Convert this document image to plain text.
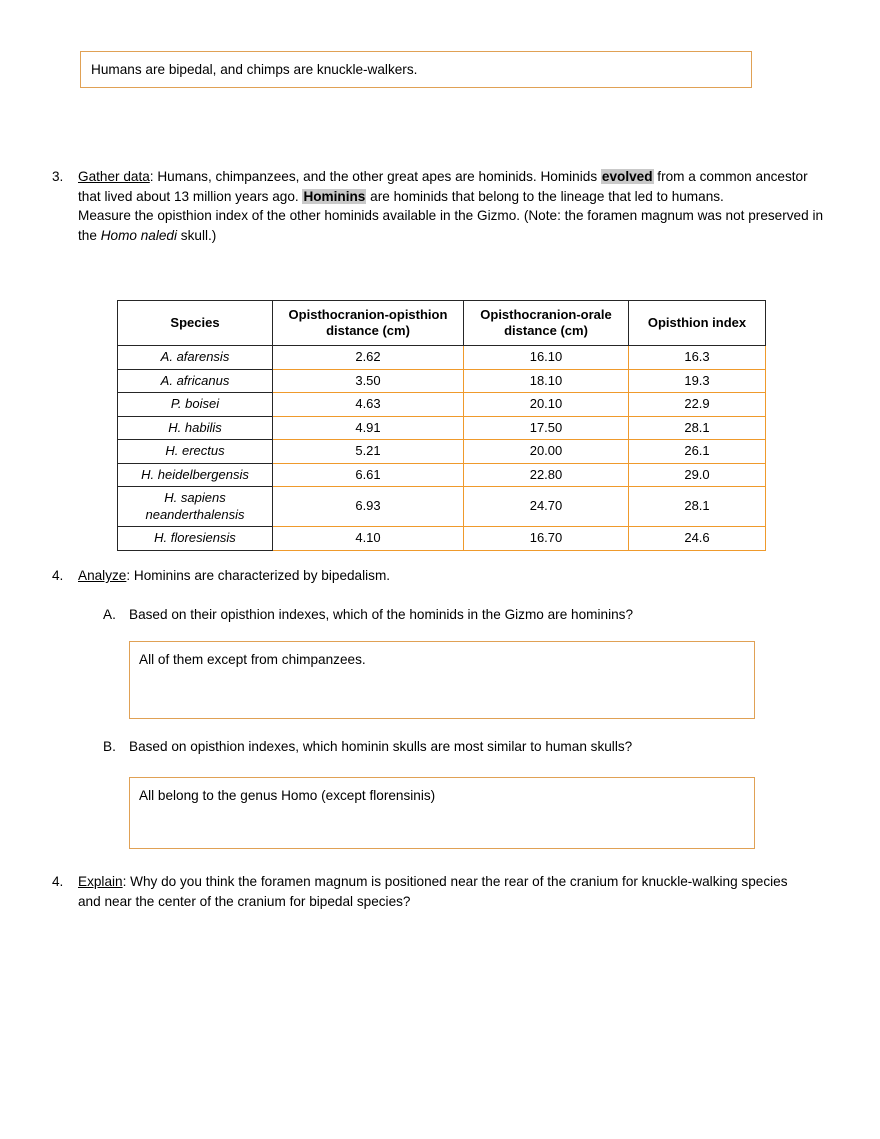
Humans are bipedal, and chimps are knuckle-walkers.
3.	Gather data: Humans, chimpanzees, and the other great apes are hominids. Hominids evolved from a common ancestor that lived about 13 million years ago. Hominins are hominids that belong to the lineage that led to humans.

Measure the opisthion index of the other hominids available in the Gizmo. (Note: the foramen magnum was not preserved in the Homo naledi skull.)

Species	Opisthocranion-opisthion distance (cm)	Opisthocranion-orale distance (cm)	Opisthion index
A. afarensis	2.62	16.10	16.3
A. africanus	3.50	18.10	19.3
P. boisei	4.63	20.10	22.9
H. habilis	4.91	17.50	28.1
H. erectus	5.21	20.00	26.1
H. heidelbergensis	6.61	22.80	29.0
H. sapiens neanderthalensis	6.93	24.70	28.1
H. floresiensis	4.10	16.70	24.6
4.	Analyze: Hominins are characterized by bipedalism.
A. Based on their opisthion indexes, which of the hominids in the Gizmo are hominins?
All of them except from chimpanzees.
B. Based on opisthion indexes, which hominin skulls are most similar to human skulls?
All belong to the genus Homo (except florensinis)
4.	Explain: Why do you think the foramen magnum is positioned near the rear of the cranium for knuckle-walking species and near the center of the cranium for bipedal species?
